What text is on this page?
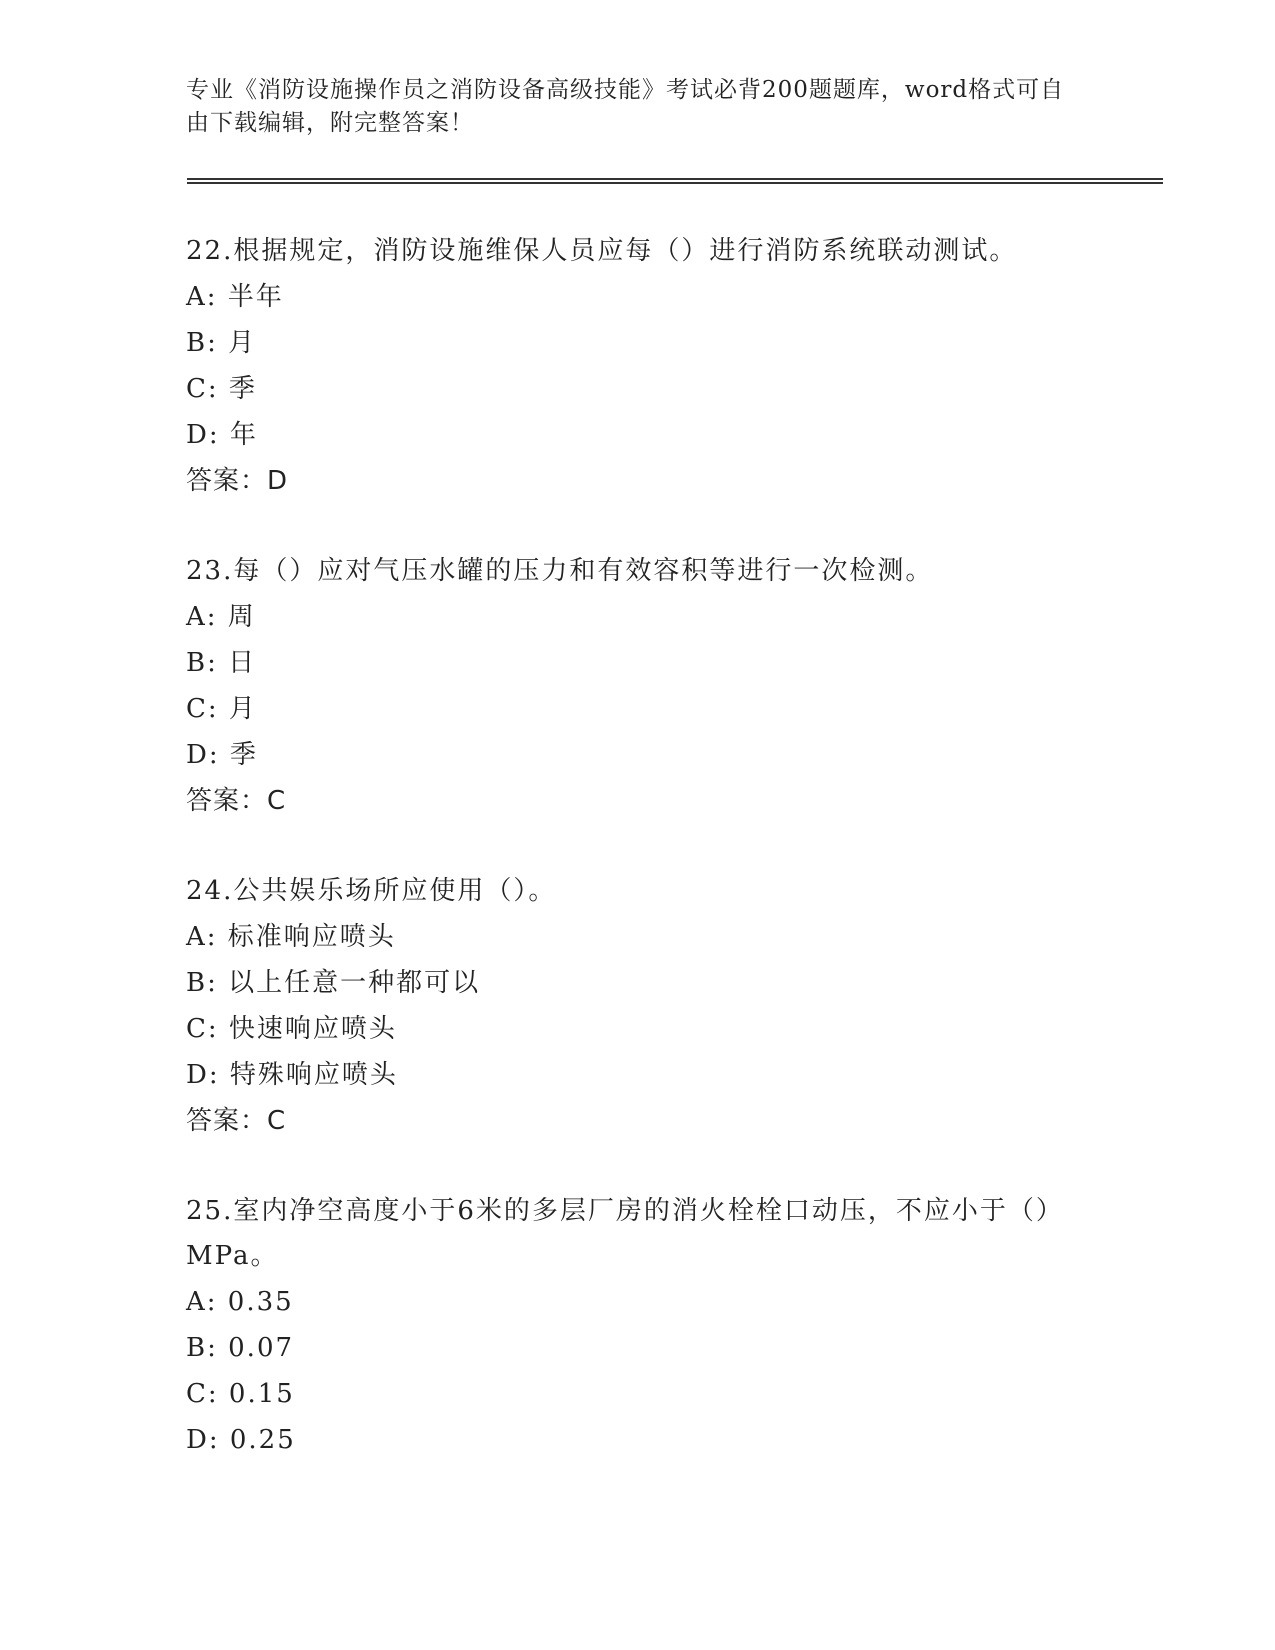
专业《消防设施操作员之消防设备高级技能》考试必背200题题库，word格式可自由下载编辑，附完整答案！

22.根据规定，消防设施维保人员应每（）进行消防系统联动测试。

A: 半年

B: 月

C: 季

D: 年

答案：D

23.每（）应对气压水罐的压力和有效容积等进行一次检测。

A: 周

B: 日

C: 月

D: 季

答案：C

24.公共娱乐场所应使用（）。

A: 标准响应喷头

B: 以上任意一种都可以

C: 快速响应喷头

D: 特殊响应喷头

答案：C

25.室内净空高度小于6米的多层厂房的消火栓栓口动压，不应小于（）MPa。

A: 0.35

B: 0.07

C: 0.15

D: 0.25
